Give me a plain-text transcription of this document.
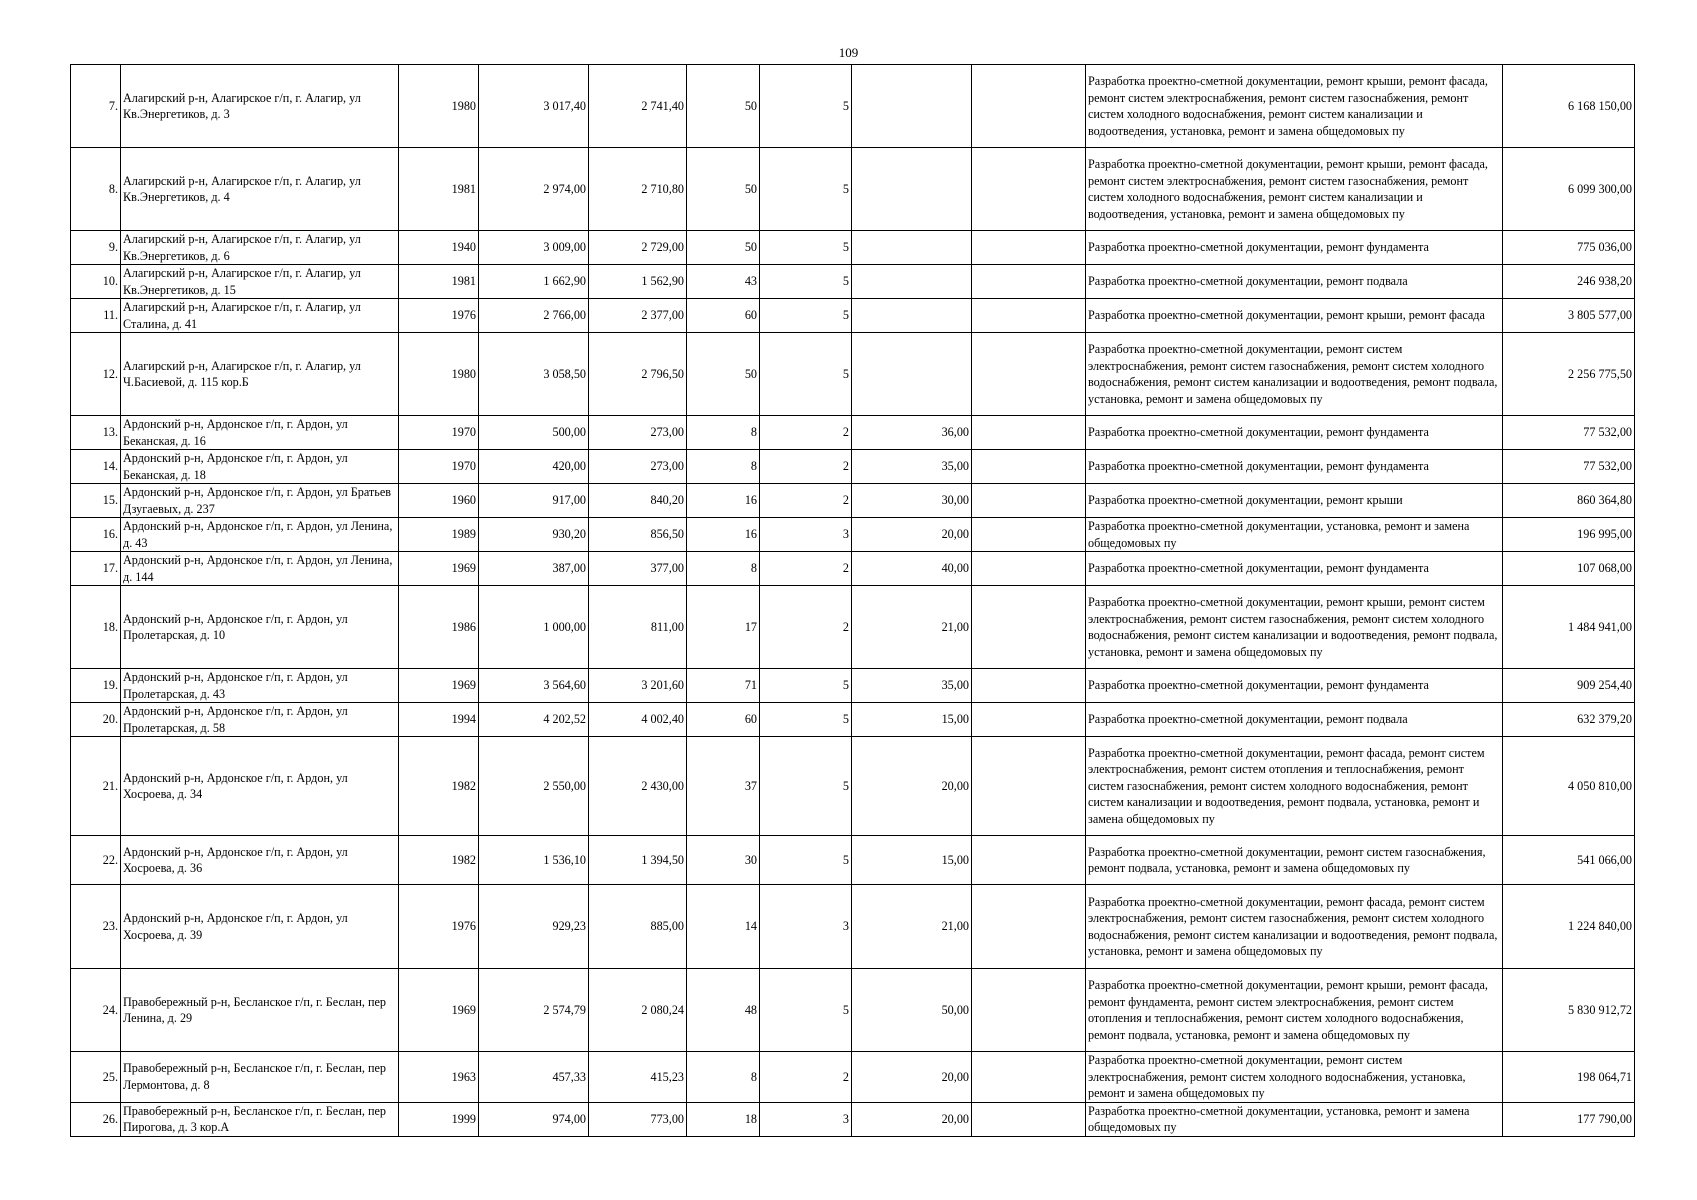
109
7.	Алагирский р-н, Алагирское г/п, г. Алагир, ул Кв.Энергетиков, д. 3	1980	3 017,40	2 741,40	50	5			Разработка проектно-сметной документации, ремонт крыши, ремонт фасада, ремонт систем электроснабжения, ремонт систем газоснабжения, ремонт систем холодного водоснабжения, ремонт систем канализации и водоотведения, установка, ремонт и замена общедомовых пу	6 168 150,00
8.	Алагирский р-н, Алагирское г/п, г. Алагир, ул Кв.Энергетиков, д. 4	1981	2 974,00	2 710,80	50	5			Разработка проектно-сметной документации, ремонт крыши, ремонт фасада, ремонт систем электроснабжения, ремонт систем газоснабжения, ремонт систем холодного водоснабжения, ремонт систем канализации и водоотведения, установка, ремонт и замена общедомовых пу	6 099 300,00
9.	Алагирский р-н, Алагирское г/п, г. Алагир, ул Кв.Энергетиков, д. 6	1940	3 009,00	2 729,00	50	5			Разработка проектно-сметной документации, ремонт фундамента	775 036,00
10.	Алагирский р-н, Алагирское г/п, г. Алагир, ул Кв.Энергетиков, д. 15	1981	1 662,90	1 562,90	43	5			Разработка проектно-сметной документации, ремонт подвала	246 938,20
11.	Алагирский р-н, Алагирское г/п, г. Алагир, ул Сталина, д. 41	1976	2 766,00	2 377,00	60	5			Разработка проектно-сметной документации, ремонт крыши, ремонт фасада	3 805 577,00
12.	Алагирский р-н, Алагирское г/п, г. Алагир, ул Ч.Басиевой, д. 115 кор.Б	1980	3 058,50	2 796,50	50	5			Разработка проектно-сметной документации, ремонт систем электроснабжения, ремонт систем газоснабжения, ремонт систем холодного водоснабжения, ремонт систем канализации и водоотведения, ремонт подвала, установка, ремонт и замена общедомовых пу	2 256 775,50
13.	Ардонский р-н, Ардонское г/п, г. Ардон, ул Беканская, д. 16	1970	500,00	273,00	8	2	36,00		Разработка проектно-сметной документации, ремонт фундамента	77 532,00
14.	Ардонский р-н, Ардонское г/п, г. Ардон, ул Беканская, д. 18	1970	420,00	273,00	8	2	35,00		Разработка проектно-сметной документации, ремонт фундамента	77 532,00
15.	Ардонский р-н, Ардонское г/п, г. Ардон, ул Братьев Дзугаевых, д. 237	1960	917,00	840,20	16	2	30,00		Разработка проектно-сметной документации, ремонт крыши	860 364,80
16.	Ардонский р-н, Ардонское г/п, г. Ардон, ул Ленина, д. 43	1989	930,20	856,50	16	3	20,00		Разработка проектно-сметной документации, установка, ремонт и замена общедомовых пу	196 995,00
17.	Ардонский р-н, Ардонское г/п, г. Ардон, ул Ленина, д. 144	1969	387,00	377,00	8	2	40,00		Разработка проектно-сметной документации, ремонт фундамента	107 068,00
18.	Ардонский р-н, Ардонское г/п, г. Ардон, ул Пролетарская, д. 10	1986	1 000,00	811,00	17	2	21,00		Разработка проектно-сметной документации, ремонт крыши, ремонт систем электроснабжения, ремонт систем газоснабжения, ремонт систем холодного водоснабжения, ремонт систем канализации и водоотведения, ремонт подвала, установка, ремонт и замена общедомовых пу	1 484 941,00
19.	Ардонский р-н, Ардонское г/п, г. Ардон, ул Пролетарская, д. 43	1969	3 564,60	3 201,60	71	5	35,00		Разработка проектно-сметной документации, ремонт фундамента	909 254,40
20.	Ардонский р-н, Ардонское г/п, г. Ардон, ул Пролетарская, д. 58	1994	4 202,52	4 002,40	60	5	15,00		Разработка проектно-сметной документации, ремонт подвала	632 379,20
21.	Ардонский р-н, Ардонское г/п, г. Ардон, ул Хосроева, д. 34	1982	2 550,00	2 430,00	37	5	20,00		Разработка проектно-сметной документации, ремонт фасада, ремонт систем электроснабжения, ремонт систем отопления и теплоснабжения, ремонт систем газоснабжения, ремонт систем холодного водоснабжения, ремонт систем канализации и водоотведения, ремонт подвала, установка, ремонт и замена общедомовых пу	4 050 810,00
22.	Ардонский р-н, Ардонское г/п, г. Ардон, ул Хосроева, д. 36	1982	1 536,10	1 394,50	30	5	15,00		Разработка проектно-сметной документации, ремонт систем газоснабжения, ремонт подвала, установка, ремонт и замена общедомовых пу	541 066,00
23.	Ардонский р-н, Ардонское г/п, г. Ардон, ул Хосроева, д. 39	1976	929,23	885,00	14	3	21,00		Разработка проектно-сметной документации, ремонт фасада, ремонт систем электроснабжения, ремонт систем газоснабжения, ремонт систем холодного водоснабжения, ремонт систем канализации и водоотведения, ремонт подвала, установка, ремонт и замена общедомовых пу	1 224 840,00
24.	Правобережный р-н, Бесланское г/п, г. Беслан, пер Ленина, д. 29	1969	2 574,79	2 080,24	48	5	50,00		Разработка проектно-сметной документации, ремонт крыши, ремонт фасада, ремонт фундамента, ремонт систем электроснабжения, ремонт систем отопления и теплоснабжения, ремонт систем холодного водоснабжения, ремонт подвала, установка, ремонт и замена общедомовых пу	5 830 912,72
25.	Правобережный р-н, Бесланское г/п, г. Беслан, пер Лермонтова, д. 8	1963	457,33	415,23	8	2	20,00		Разработка проектно-сметной документации, ремонт систем электроснабжения, ремонт систем холодного водоснабжения, установка, ремонт и замена общедомовых пу	198 064,71
26.	Правобережный р-н, Бесланское г/п, г. Беслан, пер Пирогова, д. 3 кор.А	1999	974,00	773,00	18	3	20,00		Разработка проектно-сметной документации, установка, ремонт и замена общедомовых пу	177 790,00
